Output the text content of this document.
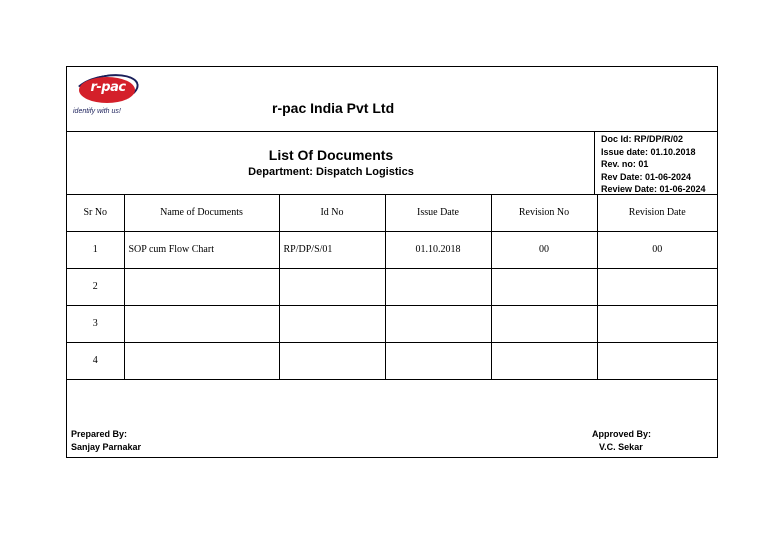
r-pac
identify with us!	r-pac India Pvt Ltd
List Of Documents
Department: Dispatch Logistics
Doc Id: RP/DP/R/02
Issue date: 01.10.2018
Rev. no: 01
Rev Date: 01-06-2024
Review Date: 01-06-2024
Sr No	Name of Documents	Id No	Issue Date	Revision No	Revision Date
1	SOP cum Flow Chart	RP/DP/S/01	01.10.2018	00	00
2					
3					
4					
Prepared By:
Sanjay Parnakar
Approved By:
V.C. Sekar
